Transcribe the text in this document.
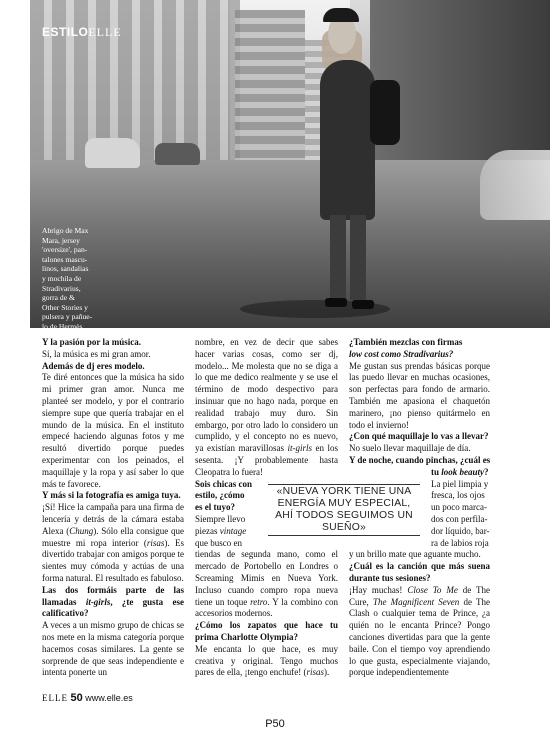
ESTILOELLE
Abrigo de Max
Mara, jersey
'oversize', pan-
talones mascu-
linos, sandalias
y mochila de
Stradivarius,
gorra de &
Other Stories y
pulsera y pañue-
lo de Hermès.

Y la pasión por la música.

Sí, la música es mi gran amor.

Además de dj eres modelo.

Te diré entonces que la música ha sido mi primer gran amor. Nunca me planteé ser modelo, y por el contrario siempre supe que quería trabajar en el mundo de la música. En el instituto empecé haciendo algunas fotos y me resultó divertido porque puedes experimentar con los peinados, el maquillaje y la ropa y así saber lo que más te favorece.

Y más si la fotografía es amiga tuya.

¡Sí! Hice la campaña para una firma de lencería y detrás de la cámara estaba Alexa (Chung). Sólo ella consigue que muestre mi ropa interior (risas). Es divertido trabajar con amigos porque te sientes muy cómoda y actúas de una forma natural. El resultado es fabuloso.

Las dos formáis parte de las llamadas it-girls, ¿te gusta ese calificativo?

A veces a un mismo grupo de chicas se nos mete en la misma categoría porque hacemos cosas similares. La gente se sorprende de que seas independiente e intenta ponerte un

nombre, en vez de decir que sabes hacer varias cosas, como ser dj, modelo... Me molesta que no se diga a lo que me dedico realmente y se use el término de modo despectivo para insinuar que no hago nada, porque en realidad trabajo muy duro. Sin embargo, por otro lado lo considero un cumplido, y el concepto no es nuevo, ya existían maravillosas it-girls en los sesenta. ¡Y probablemente hasta Cleopatra lo fuera!

Sois chicas con

estilo, ¿cómo

es el tuyo?

Siempre llevo

piezas vintage

que busco en

tiendas de segunda mano, como el mercado de Portobello en Londres o Screaming Mimis en Nueva York. Incluso cuando compro ropa nueva tiene un toque retro. Y la combino con accesorios modernos.

¿Cómo los zapatos que hace tu prima Charlotte Olympia?

Me encanta lo que hace, es muy creativa y original. Tengo muchos pares de ella, ¡tengo enchufe! (risas).

«NUEVA YORK TIENE UNA ENERGÍA MUY ESPECIAL, AHÍ TODOS SEGUIMOS UN SUEÑO»

¿También mezclas con firmas

low cost como Stradivarius?

Me gustan sus prendas básicas porque las puedo llevar en muchas ocasiones, son perfectas para fondo de armario. También me apasiona el chaquetón marinero, ¡no pienso quitármelo en todo el invierno!

¿Con qué maquillaje lo vas a llevar?

No suelo llevar maquillaje de día.

Y de noche, cuando pinchas, ¿cuál es

tu look beauty?

La piel limpia y

fresca, los ojos

un poco marca-

dos con perfila-

dor líquido, bar-

ra de labios roja

y un brillo mate que aguante mucho.

¿Cuál es la canción que más suena durante tus sesiones?

¡Hay muchas! Close To Me de The Cure, The Magnificent Seven de The Clash o cualquier tema de Prince, ¿a quién no le encanta Prince? Pongo canciones divertidas para que la gente baile. Con el tiempo voy aprendiendo lo que gusta, especialmente viajando, porque independientemente

ELLE 50 www.elle.es
P50
